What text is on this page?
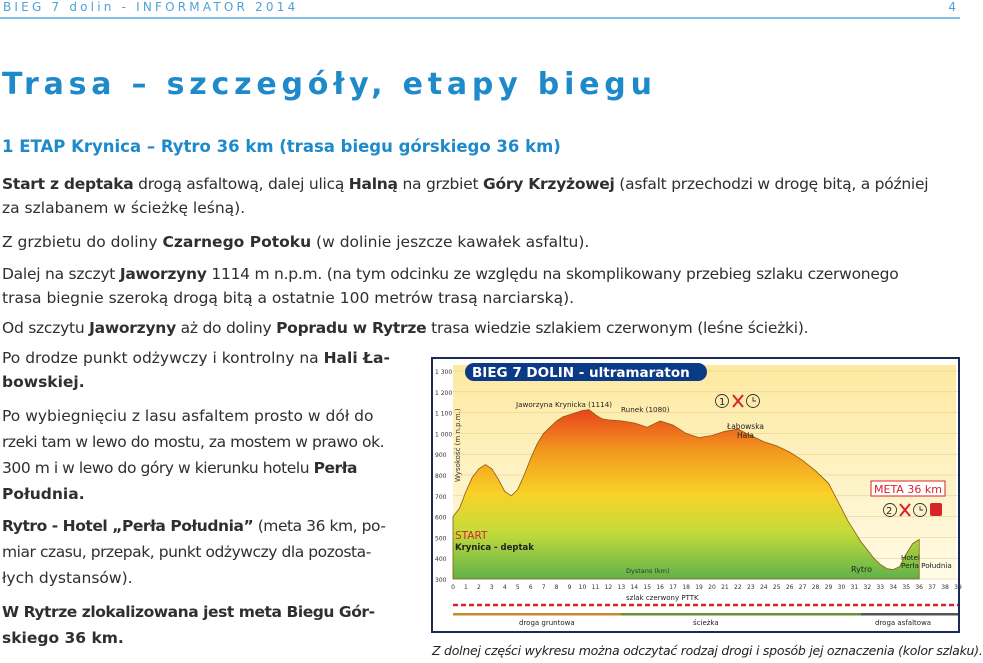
BIEG 7 dolin - INFORMATOR 2014	4
Trasa – szczegóły, etapy biegu
1 ETAP Krynica – Rytro 36 km (trasa biegu górskiego 36 km)
Start z deptaka drogą asfaltową, dalej ulicą Halną na grzbiet Góry Krzyżowej (asfalt przechodzi w drogę bitą, a później
za szlabanem w ścieżkę leśną).
Z grzbietu do doliny Czarnego Potoku (w dolinie jeszcze kawałek asfaltu).
Dalej na szczyt Jaworzyny 1114 m n.p.m. (na tym odcinku ze względu na skomplikowany przebieg szlaku czerwonego
trasa biegnie szeroką drogą bitą a ostatnie 100 metrów trasą narciarską).
Od szczytu Jaworzyny aż do doliny Popradu w Rytrze trasa wiedzie szlakiem czerwonym (leśne ścieżki).
Po drodze punkt odżywczy i kontrolny na Hali Ła-
bowskiej.
Po wybiegnięciu z lasu asfaltem prosto w dół do
rzeki tam w lewo do mostu, za mostem w prawo ok.
300 m i w lewo do góry w kierunku hotelu Perła
Południa.
Rytro - Hotel „Perła Południa” (meta 36 km, po-
miar czasu, przepak, punkt odżywczy dla pozosta-
łych dystansów).
W Rytrze zlokalizowana jest meta Biegu Gór-
skiego 36 km.
1 300
1 200
1 100
1 000
900
800
700
600
500
400
300
0 1 2 3 4 5 6 7 8 9 10 11 12 13 14 15 16 17 18 19 20 21 22 23 24 25 26 27 28 29 30 31 32 33 34 35 36 37 38 39
Wysokość (m n.p.m.)
BIEG 7 DOLIN - ultramaraton
Jaworzyna Krynicka (1114)
Runek (1080)
1
Łabowska Hala
META 36 km
2
Hotel Perła Południa
Rytro
START
Krynica - deptak
Dystans (km)
szlak czerwony PTTK
droga gruntowa	ścieżka	droga asfaltowa
Z dolnej części wykresu można odczytać rodzaj drogi i sposób jej oznaczenia (kolor szlaku).
